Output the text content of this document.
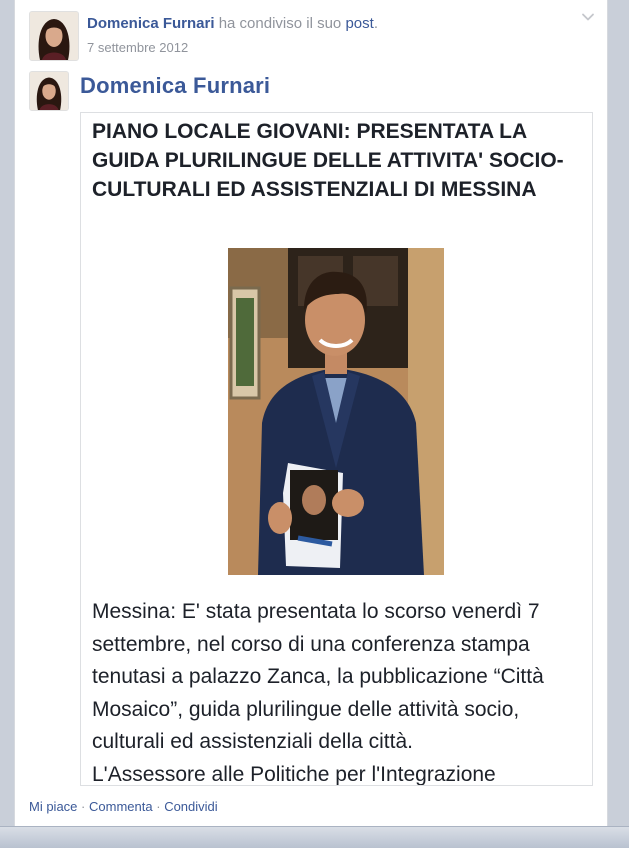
Domenica Furnari ha condiviso il suo post.
7 settembre 2012
Domenica Furnari
PIANO LOCALE GIOVANI: PRESENTATA LA GUIDA PLURILINGUE DELLE ATTIVITA' SOCIO-CULTURALI ED ASSISTENZIALI DI MESSINA

Messina: E' stata presentata lo scorso venerdì 7 settembre, nel corso di una conferenza stampa tenutasi a palazzo Zanca, la pubblicazione “Città Mosaico”, guida plurilingue delle attività socio, culturali ed assistenziali della città.
L'Assessore alle Politiche per l'Integrazione

Mi piace · Commenta · Condividi
